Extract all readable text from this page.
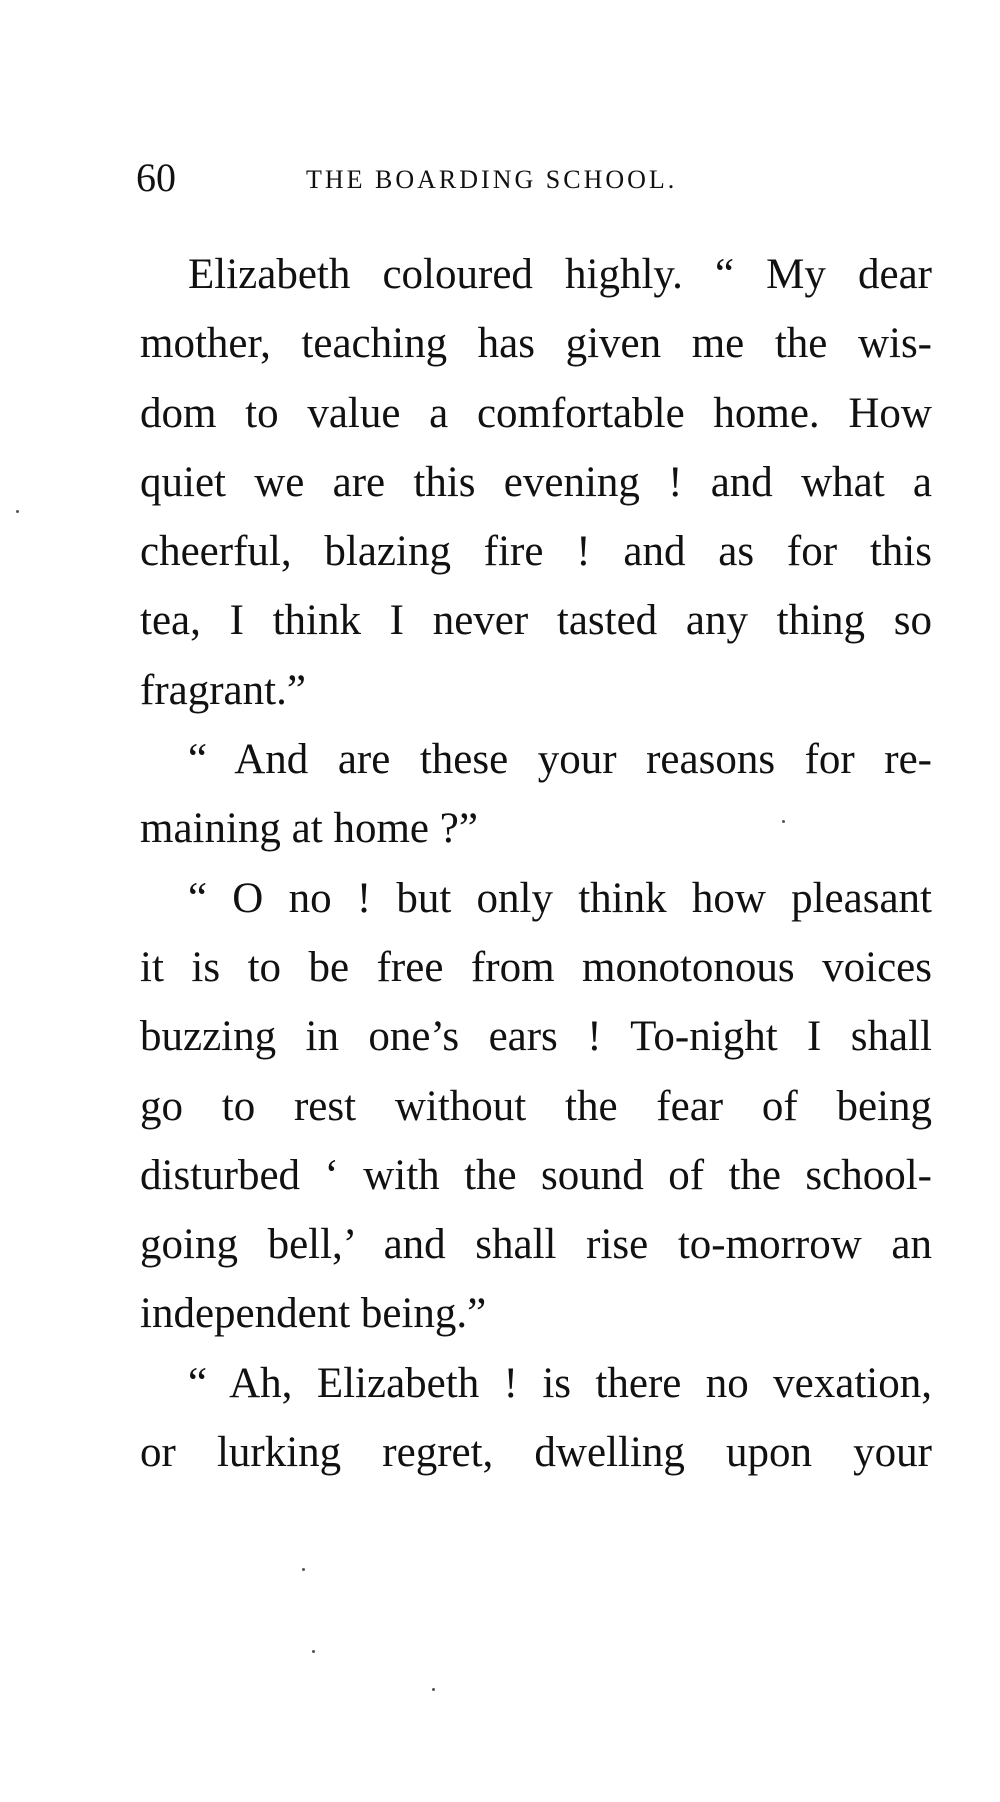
60	THE BOARDING SCHOOL.
Elizabeth coloured highly. “ My dear
mother, teaching has given me the wis-
dom to value a comfortable home. How
quiet we are this evening ! and what a
cheerful, blazing fire ! and as for this
tea, I think I never tasted any thing so
fragrant.”
“ And are these your reasons for re-
maining at home ?”
“ O no ! but only think how pleasant
it is to be free from monotonous voices
buzzing in one’s ears ! To-night I shall
go to rest without the fear of being
disturbed ‘ with the sound of the school-
going bell,’ and shall rise to-morrow an
independent being.”
“ Ah, Elizabeth ! is there no vexation,
or lurking regret, dwelling upon your
